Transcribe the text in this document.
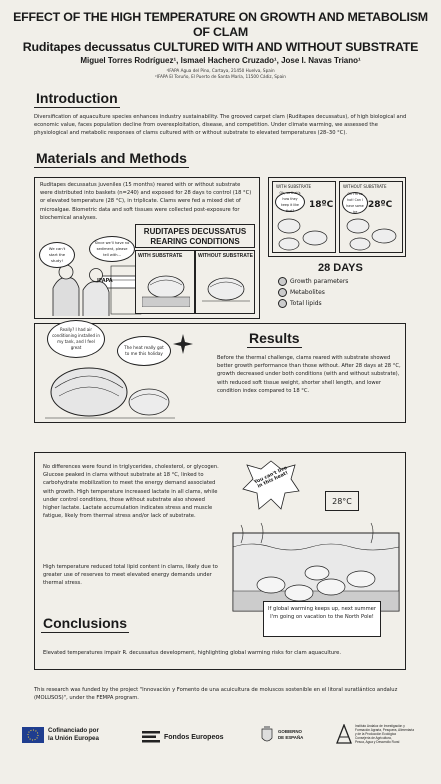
EFFECT OF THE HIGH TEMPERATURE ON GROWTH AND METABOLISM OF CLAM
Ruditapes decussatus CULTURED WITH AND WITHOUT SUBSTRATE
Miguel Torres Rodríguez¹, Ismael Hachero Cruzado¹, Jose I. Navas Triano¹
¹IFAPA Agua del Pino, Cartaya, 21450 Huelva, Spain
²IFAPA El Toruño, El Puerto de Santa María, 11500 Cádiz, Spain
Introduction
Diversification of aquaculture species enhances industry sustainability. The grooved carpet clam (Ruditapes decussatus), of high biological and economic value, faces population decline from overexploitation, disease, and competition. Under climate warming, we assessed the physiological and metabolic responses of clams cultured with or without substrate to elevated temperatures (28–30 °C).
Materials and Methods
Ruditapes decussatus juveniles (15 months) reared with or without substrate were distributed into baskets (n=240) and exposed for 28 days to control (18 °C) or elevated temperature (28 °C), in triplicate. Clams were fed a mixed diet of microalgae. Biometric data and soft tissues were collected post-exposure for biochemical analyses.
We can't start the study!
Since we'll have no sediment, please tell with...
IFAPA
RUDITAPES DECUSSATUS REARING CONDITIONS
WITH SUBSTRATE	WITHOUT SUBSTRATE
WITH SUBSTRATE
18ºC
Oh, so that's how they keep it like that?
WITHOUT SUBSTRATE
28ºC
Oh I'm so hot! Can I have some ice
28 DAYS
Growth parameters
Metabolites
Total lipids
Really? I had air conditioning installed in my tank, and I feel great	The heat really got to me this holiday
Results
Before the thermal challenge, clams reared with substrate showed better growth performance than those without. After 28 days at 28 °C, growth decreased under both conditions (with and without substrate), with reduced soft tissue weight, shorter shell length, and lower condition index compared to 18 °C.
No differences were found in triglycerides, cholesterol, or glycogen. Glucose peaked in clams without substrate at 18 °C, linked to carbohydrate mobilization to meet the energy demand associated with growth. High temperature increased lactate in all clams, while under control conditions, those without substrate also showed higher lactate. Lactate accumulation indicates stress and muscle fatigue, likely from thermal stress and/or lack of substrate.
High temperature reduced total lipid content in clams, likely due to greater use of reserves to meet elevated energy demands under thermal stress.
You can't live in this heat!
28°C
If global warming keeps up, next summer I'm going on vacation to the North Pole!
Conclusions
Elevated temperatures impair R. decussatus development, highlighting global warming risks for clam aquaculture.
This research was funded by the project "Innovación y Fomento de una acuicultura de moluscos sostenible en el litoral suratlántico andaluz (MOLUSOS)", under the FEMPA program.
Cofinanciado por
la Unión Europea	Fondos Europeos
GOBIERNO
DE ESPAÑA
Instituto Andaluz de Investigación y
Formación Agraria, Pesquera, Alimentaria
y de la Producción Ecológica
Consejería de Agricultura,
Pesca, Agua y Desarrollo Rural
